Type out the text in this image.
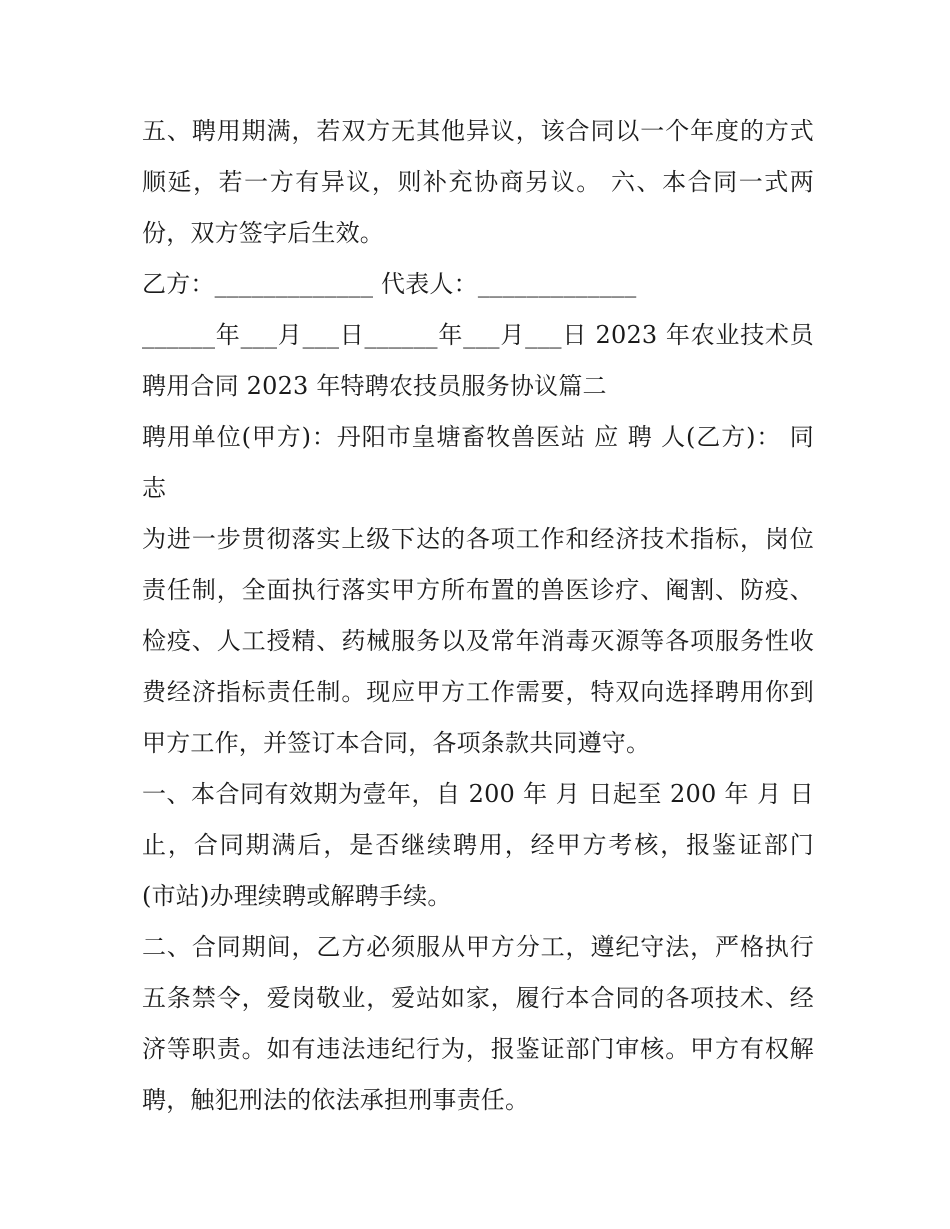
五、聘用期满，若双方无其他异议，该合同以一个年度的方式
顺延，若一方有异议，则补充协商另议。 六、本合同一式两
份，双方签字后生效。
乙方：_____________ 代表人：_____________
______年___月___日______年___月___日 2023 年农业技术员
聘用合同 2023 年特聘农技员服务协议篇二
聘用单位(甲方)：丹阳市皇塘畜牧兽医站 应 聘 人(乙方)： 同
志
为进一步贯彻落实上级下达的各项工作和经济技术指标，岗位
责任制，全面执行落实甲方所布置的兽医诊疗、阉割、防疫、
检疫、人工授精、药械服务以及常年消毒灭源等各项服务性收
费经济指标责任制。现应甲方工作需要，特双向选择聘用你到
甲方工作，并签订本合同，各项条款共同遵守。
一、本合同有效期为壹年，自 200 年 月 日起至 200 年 月 日
止，合同期满后，是否继续聘用，经甲方考核，报鉴证部门
(市站)办理续聘或解聘手续。
二、合同期间，乙方必须服从甲方分工，遵纪守法，严格执行
五条禁令，爱岗敬业，爱站如家，履行本合同的各项技术、经
济等职责。如有违法违纪行为，报鉴证部门审核。甲方有权解
聘，触犯刑法的依法承担刑事责任。
